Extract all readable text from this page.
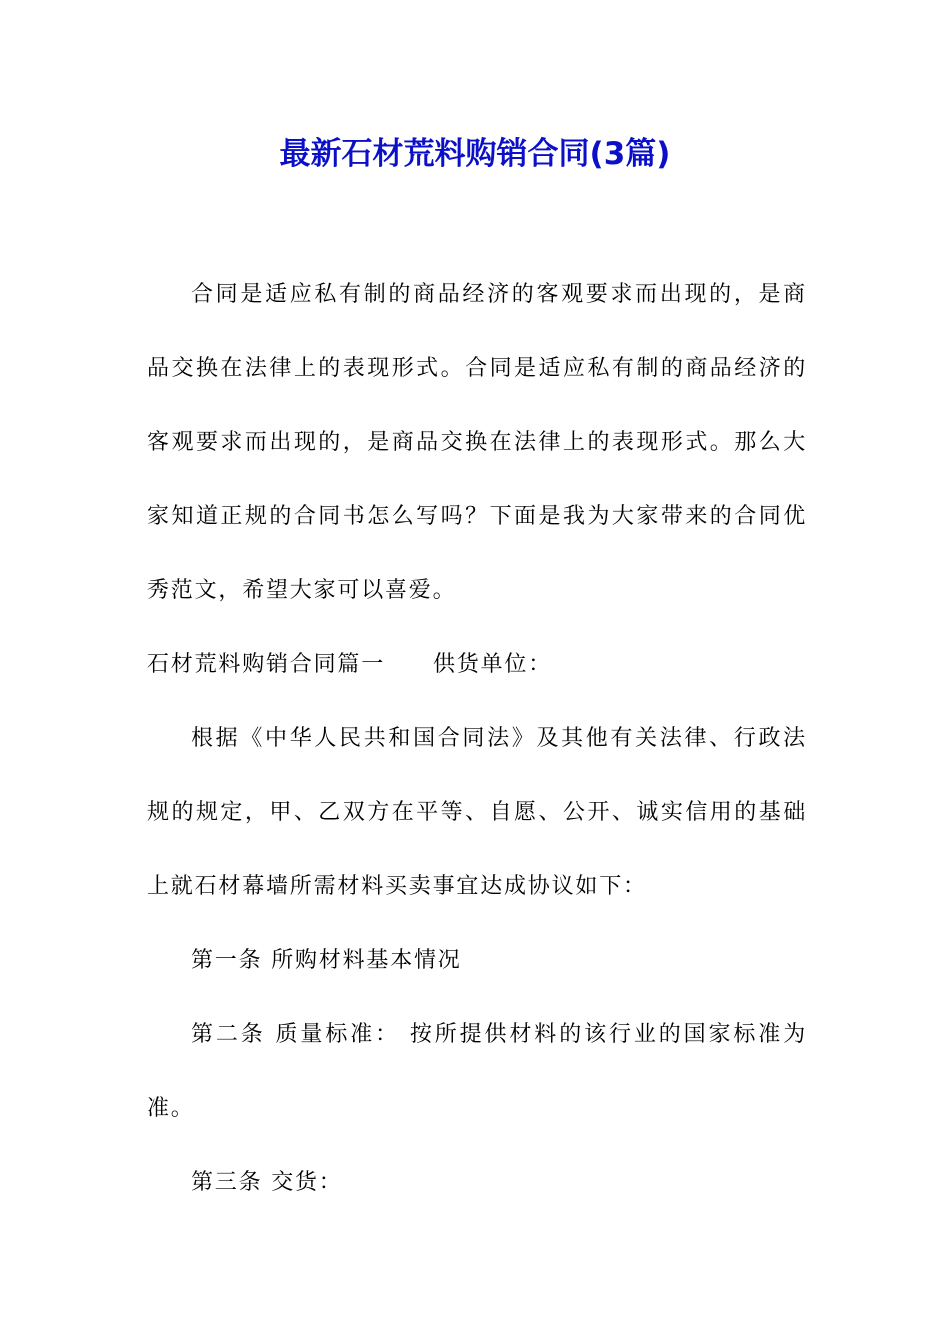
最新石材荒料购销合同(3篇)

合同是适应私有制的商品经济的客观要求而出现的，是商品交换在法律上的表现形式。合同是适应私有制的商品经济的客观要求而出现的，是商品交换在法律上的表现形式。那么大家知道正规的合同书怎么写吗？下面是我为大家带来的合同优秀范文，希望大家可以喜爱。

石材荒料购销合同篇一 供货单位：

根据《中华人民共和国合同法》及其他有关法律、行政法规的规定，甲、乙双方在平等、自愿、公开、诚实信用的基础上就石材幕墙所需材料买卖事宜达成协议如下：

第一条 所购材料基本情况

第二条 质量标准： 按所提供材料的该行业的国家标准为准。

第三条 交货：
